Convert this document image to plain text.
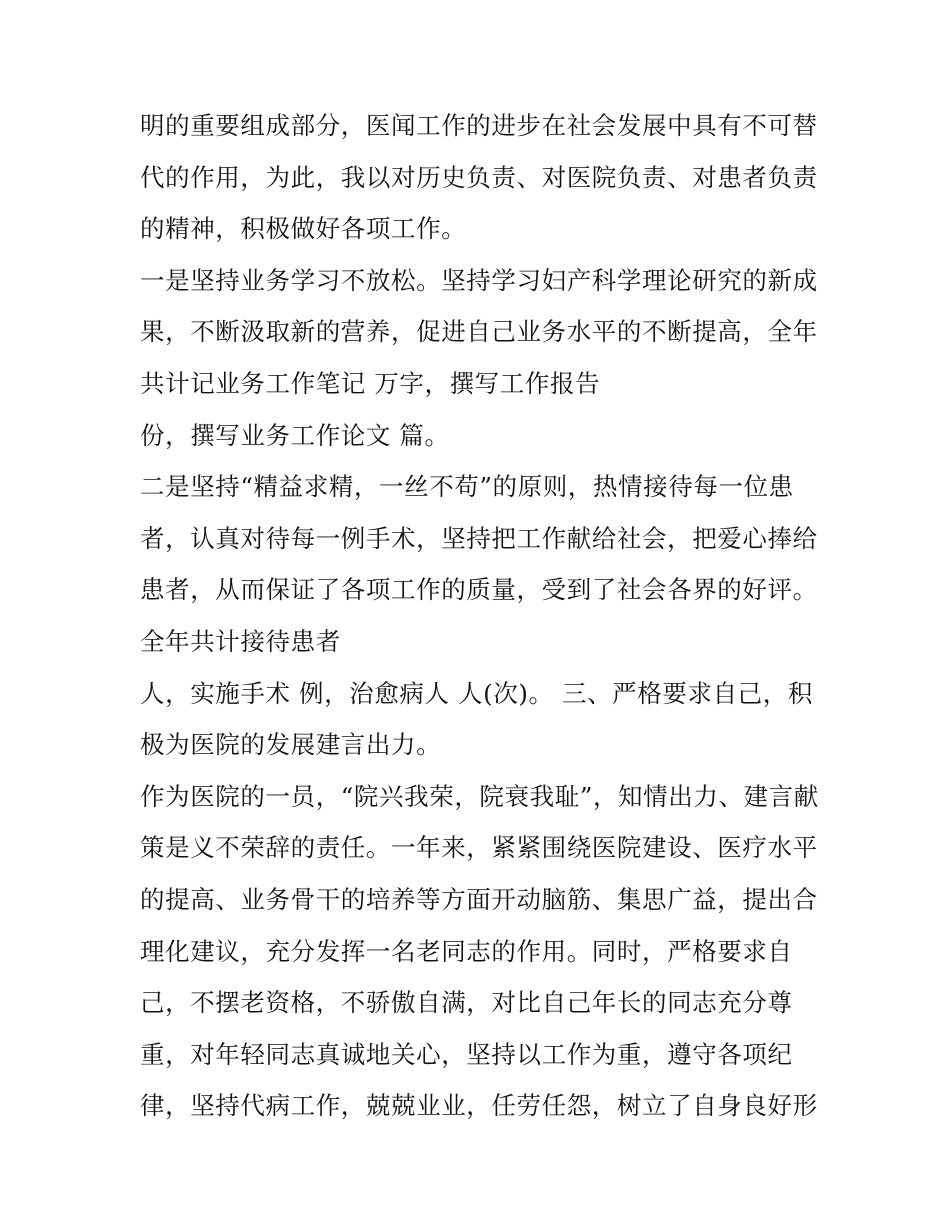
明的重要组成部分，医闻工作的进步在社会发展中具有不可替
代的作用，为此，我以对历史负责、对医院负责、对患者负责
的精神，积极做好各项工作。
一是坚持业务学习不放松。坚持学习妇产科学理论研究的新成
果，不断汲取新的营养，促进自己业务水平的不断提高，全年
共计记业务工作笔记 万字，撰写工作报告
份，撰写业务工作论文 篇。
二是坚持“精益求精，一丝不苟”的原则，热情接待每一位患
者，认真对待每一例手术，坚持把工作献给社会，把爱心捧给
患者，从而保证了各项工作的质量，受到了社会各界的好评。
全年共计接待患者
人，实施手术 例，治愈病人 人(次)。 三、严格要求自己，积
极为医院的发展建言出力。
作为医院的一员，“院兴我荣，院衰我耻”，知情出力、建言献
策是义不荣辞的责任。一年来，紧紧围绕医院建设、医疗水平
的提高、业务骨干的培养等方面开动脑筋、集思广益，提出合
理化建议，充分发挥一名老同志的作用。同时，严格要求自
己，不摆老资格，不骄傲自满，对比自己年长的同志充分尊
重，对年轻同志真诚地关心，坚持以工作为重，遵守各项纪
律，坚持代病工作，兢兢业业，任劳任怨，树立了自身良好形
